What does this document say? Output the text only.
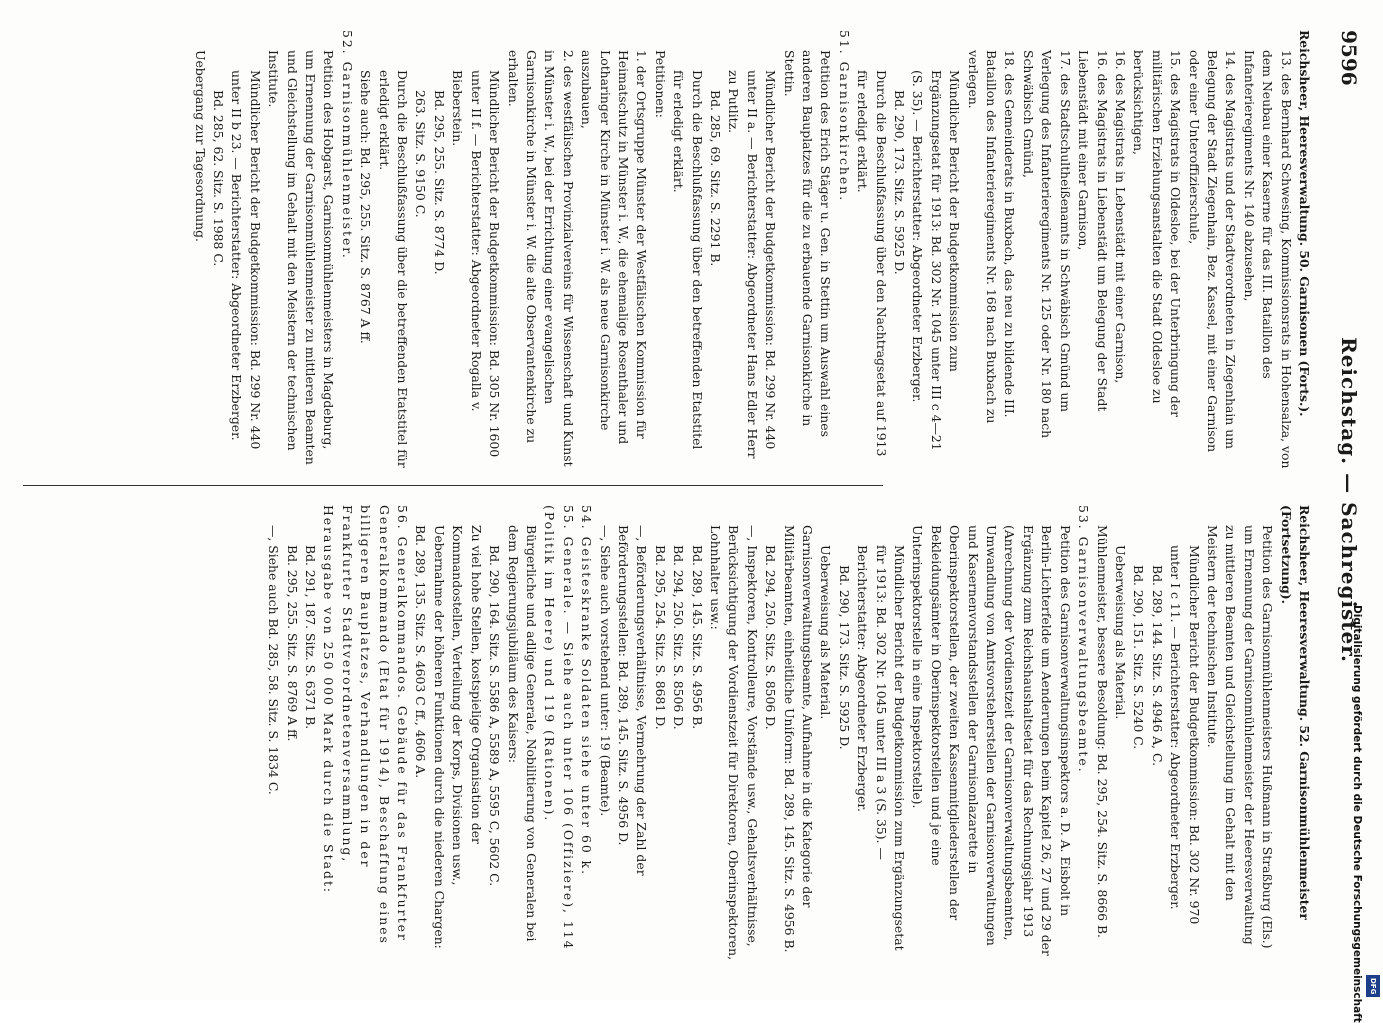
9596
Reichstag. — Sachregister.

Reichsheer, Heeresverwaltung. 50. Garnisonen (Forts.).

13. des Bernhard Schwesing, Kommissionsrats in Hohensalza, von dem Neubau einer Kaserne für das III. Bataillon des Infanterieregiments Nr. 140 abzusehen,

14. des Magistrats und der Stadtverordneten in Ziegenhain um Belegung der Stadt Ziegenhain, Bez. Kassel, mit einer Garnison oder einer Unteroffizierschule,

15. des Magistrats in Oldesloe, bei der Unterbringung der militärischen Erziehungsanstalten die Stadt Oldesloe zu berücksichtigen,

16. des Magistrats in Lebenstädt mit einer Garnison,

16. des Magistrats in Liebenstädt um Belegung der Stadt Liebenstädt mit einer Garnison,

17. des Stadtschultheißenamts in Schwäbisch Gmünd um Verlegung des Infanterieregiments Nr. 125 oder Nr. 180 nach Schwäbisch Gmünd,

18. des Gemeinderats in Buxbach, das neu zu bildende III. Bataillon des Infanterieregiments Nr. 168 nach Buxbach zu verlegen.

Mündlicher Bericht der Budgetkommission zum Ergänzungsetat für 1913: Bd. 302 Nr. 1045 unter III c 4—21 (S. 35). — Berichterstatter: Abgeordneter Erzberger.

Bd. 290, 173. Sitz. S. 5925 D.

Durch die Beschlußfassung über den Nachtragsetat auf 1913 für erledigt erklärt.

51. Garnisonkirchen.

Petition des Erich Stäger u. Gen. in Stettin um Auswahl eines anderen Bauplatzes für die zu erbauende Garnisonkirche in Stettin.

Mündlicher Bericht der Budgetkommission: Bd. 299 Nr. 440 unter II a. — Berichterstatter: Abgeordneter Hans Edler Herr zu Putlitz.

Bd. 285, 69. Sitz. S. 2291 B.

Durch die Beschlußfassung über den betreffenden Etatstitel für erledigt erklärt.

Petitionen:

1. der Ortsgruppe Münster der Westfälischen Kommission für Heimatschutz in Münster i. W., die ehemalige Rosenthaler und Lotharinger Kirche in Münster i. W. als neue Garnisonkirche auszubauen,

2. des westfälischen Provinzialvereins für Wissenschaft und Kunst in Münster i. W., bei der Errichtung einer evangelischen Garnisonkirche in Münster i. W. die alte Observantenkirche zu erhalten.

Mündlicher Bericht der Budgetkommission: Bd. 305 Nr. 1600 unter II f. — Berichterstatter: Abgeordneter Rogalla v. Bieberstein.

Bd. 295, 255. Sitz. S. 8774 D.

263. Sitz. S. 9150 C.

Durch die Beschlußfassung über die betreffenden Etatstitel für erledigt erklärt.

Siehe auch: Bd. 295, 255. Sitz. S. 8767 A ff.

52. Garnisonmühlenmeister.

Petition des Hobgarst, Garnisonmühlenmeisters in Magdeburg, um Ernennung der Garnisonmühlenmeister zu mittleren Beamten und Gleichstellung im Gehalt mit den Meistern der technischen Institute.

Mündlicher Bericht der Budgetkommission: Bd. 299 Nr. 440 unter II b 23. — Berichterstatter: Abgeordneter Erzberger.

Bd. 285, 62. Sitz. S. 1988 C.

Uebergang zur Tagesordnung.

Reichsheer, Heeresverwaltung. 52. Garnisonmühlenmeister (Fortsetzung).

Petition des Garnisonmühlenmeisters Hußmann in Straßburg (Els.) um Ernennung der Garnisonmühlenmeister der Heeresverwaltung zu mittleren Beamten und Gleichstellung im Gehalt mit den Meistern der technischen Institute.

Mündlicher Bericht der Budgetkommission: Bd. 302 Nr. 970 unter I c 11. — Berichterstatter: Abgeordneter Erzberger.

Bd. 289, 144. Sitz. S. 4946 A, C.

Bd. 290, 151. Sitz. S. 5240 C.

Ueberweisung als Material.

Mühlenmeister, bessere Besoldung: Bd. 295, 254. Sitz. S. 8666 B.

53. Garnisonverwaltungsbeamte.

Petition des Garnisonverwaltungsinspektors a. D. A. Eisbolt in Berlin-Lichterfelde um Aenderungen beim Kapitel 26, 27 und 29 der Ergänzung zum Reichshaushaltsetat für das Rechnungsjahr 1913 (Anrechnung der Vordienstzeit der Garnisonverwaltungsbeamten, Umwandlung von Amtsvorsteherstellen der Garnisonverwaltungen und Kasernenvorstandsstellen der Garnisonlazarette in Oberinspektorstellen, der zweiten Kassenmitgliederstellen der Bekleidungsämter in Oberinspektorstellen und je eine Unterinspektorstelle in eine Inspektorstelle).

Mündlicher Bericht der Budgetkommission zum Ergänzungsetat für 1913: Bd. 302 Nr. 1045 unter III a 3 (S. 35). — Berichterstatter: Abgeordneter Erzberger.

Bd. 290, 173. Sitz. S. 5925 D.

Ueberweisung als Material.

Garnisonverwaltungsbeamte, Aufnahme in die Kategorie der Militärbeamten, einheitliche Uniform: Bd. 289, 145. Sitz. S. 4956 B.

Bd. 294, 250. Sitz. S. 8506 D.

—, Inspektoren, Kontrolleure, Vorstände usw., Gehaltsverhältnisse, Berücksichtigung der Vordienstzeit für Direktoren, Oberinspektoren, Lohnhalter usw.:

Bd. 289, 145. Sitz. S. 4956 B.

Bd. 294, 250. Sitz. S. 8506 D.

Bd. 295, 254. Sitz. S. 8681 D.

—, Beförderungsverhältnisse, Vermehrung der Zahl der Beförderungsstellen: Bd. 289, 145. Sitz. S. 4956 D.

—, Siehe auch vorstehend unter: 19 (Beamte).

54. Geisteskranke Soldaten siehe unter 60 k.

55. Generale. — Siehe auch unter 106 (Offiziere), 114 (Politik im Heere) und 119 (Rationen).

Bürgerliche und adlige Generale, Nobilitierung von Generalen bei dem Regierungsjubiläum des Kaisers:

Bd. 290, 164. Sitz. S. 5586 A, 5589 A, 5595 C, 5602 C.

Zu viel hohe Stellen, kostspielige Organisation der Kommandostellen, Verteilung der Korps, Divisionen usw., Uebernahme der höheren Funktionen durch die niederen Chargen: Bd. 289, 135. Sitz. S. 4603 C ff., 4606 A.

56. Generalkommandos. Gebäude für das Frankfurter Generalkommando (Etat für 1914), Beschaffung eines billigeren Bauplatzes, Verhandlungen in der Frankfurter Stadtverordnetenversammlung, Herausgabe von 250 000 Mark durch die Stadt:

Bd. 291, 187. Sitz. S. 6371 B.

Bd. 295, 255. Sitz. S. 8769 A ff.

—, Siehe auch Bd. 285, 58. Sitz. S. 1834 C.	Digitalisierung gefördert durch die Deutsche Forschungsgemeinschaft DFG
